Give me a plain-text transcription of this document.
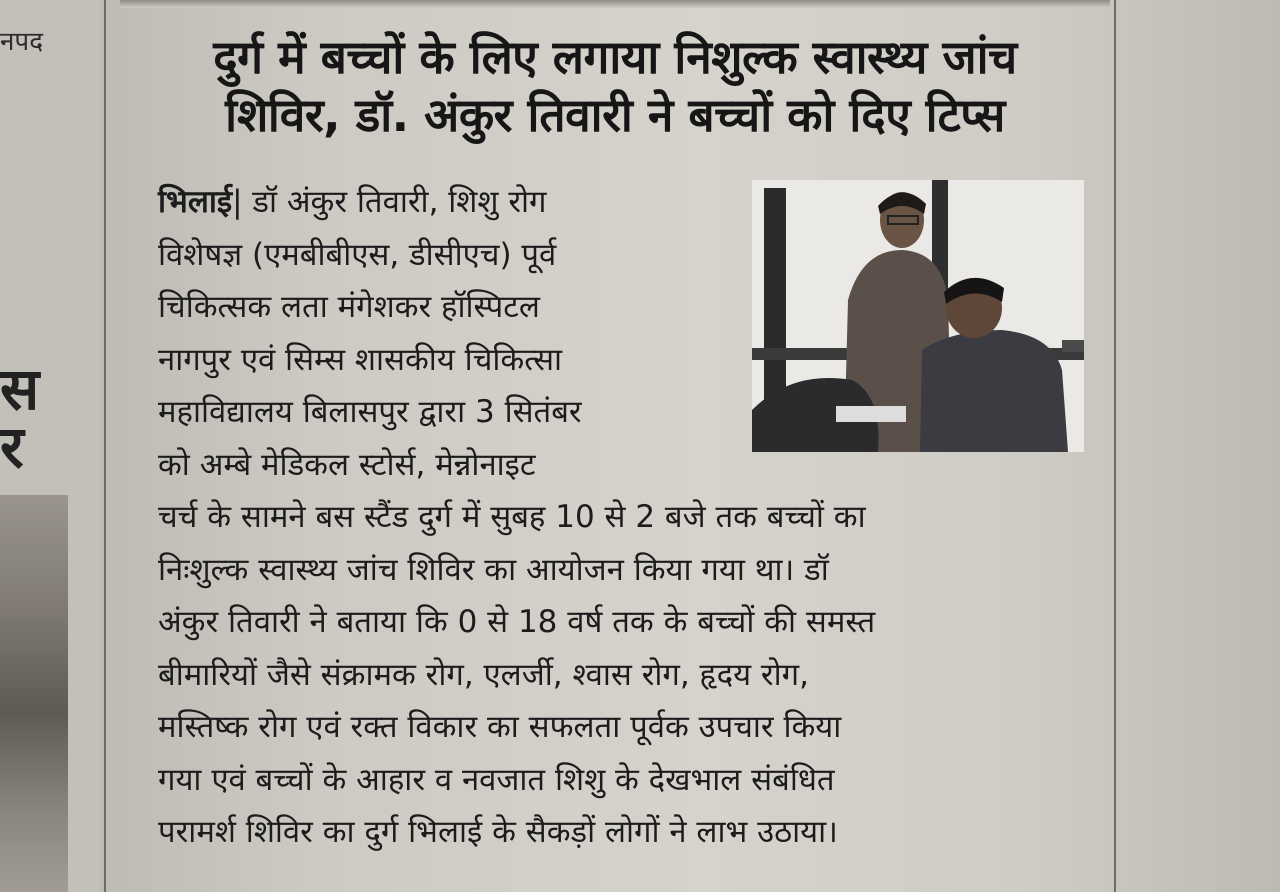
नपद
स र
दुर्ग में बच्चों के लिए लगाया निशुल्क स्वास्थ्य जांच
शिविर, डॉ. अंकुर तिवारी ने बच्चों को दिए टिप्स
भिलाई| डॉ अंकुर तिवारी, शिशु रोग
विशेषज्ञ (एमबीबीएस, डीसीएच) पूर्व
चिकित्सक लता मंगेशकर हॉस्पिटल
नागपुर एवं सिम्स शासकीय चिकित्सा
महाविद्यालय बिलासपुर द्वारा 3 सितंबर
को अम्बे मेडिकल स्टोर्स, मेन्नोनाइट
चर्च के सामने बस स्टैंड दुर्ग में सुबह 10 से 2 बजे तक बच्चों का
निःशुल्क स्वास्थ्य जांच शिविर का आयोजन किया गया था। डॉ
अंकुर तिवारी ने बताया कि 0 से 18 वर्ष तक के बच्चों की समस्त
बीमारियों जैसे संक्रामक रोग, एलर्जी, श्वास रोग, हृदय रोग,
मस्तिष्क रोग एवं रक्त विकार का सफलता पूर्वक उपचार किया
गया एवं बच्चों के आहार व नवजात शिशु के देखभाल संबंधित
परामर्श शिविर का दुर्ग भिलाई के सैकड़ों लोगों ने लाभ उठाया।
